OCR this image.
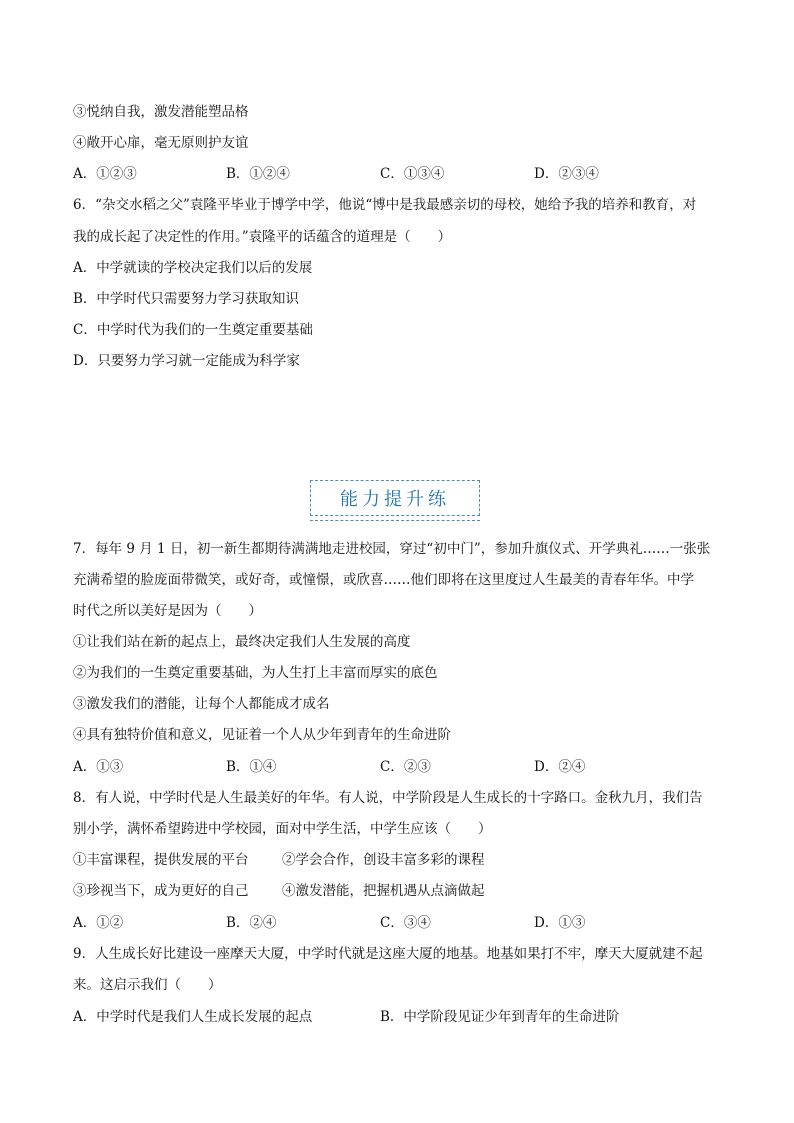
③悦纳自我，激发潜能塑品格
④敞开心扉，毫无原则护友谊
A．①②③	B．①②④	C．①③④	D．②③④
6．“杂交水稻之父”袁隆平毕业于博学中学，他说“博中是我最感亲切的母校，她给予我的培养和教育，对
我的成长起了决定性的作用。”袁隆平的话蕴含的道理是（　　）
A．中学就读的学校决定我们以后的发展
B．中学时代只需要努力学习获取知识
C．中学时代为我们的一生奠定重要基础
D．只要努力学习就一定能成为科学家
能力提升练
7．每年 9 月 1 日，初一新生都期待满满地走进校园，穿过“初中门”，参加升旗仪式、开学典礼……一张张
充满希望的脸庞面带微笑，或好奇，或憧憬，或欣喜……他们即将在这里度过人生最美的青春年华。中学
时代之所以美好是因为（　　）
①让我们站在新的起点上，最终决定我们人生发展的高度
②为我们的一生奠定重要基础，为人生打上丰富而厚实的底色
③激发我们的潜能，让每个人都能成才成名
④具有独特价值和意义，见证着一个人从少年到青年的生命进阶
A．①③	B．①④	C．②③	D．②④
8．有人说，中学时代是人生最美好的年华。有人说，中学阶段是人生成长的十字路口。金秋九月，我们告
别小学，满怀希望跨进中学校园，面对中学生活，中学生应该（　　）
①丰富课程，提供发展的平台 ②学会合作，创设丰富多彩的课程
③珍视当下，成为更好的自己 ④激发潜能，把握机遇从点滴做起
A．①②	B．②④	C．③④	D．①③
9．人生成长好比建设一座摩天大厦，中学时代就是这座大厦的地基。地基如果打不牢，摩天大厦就建不起
来。这启示我们（　　）
A．中学时代是我们人生成长发展的起点	B．中学阶段见证少年到青年的生命进阶
